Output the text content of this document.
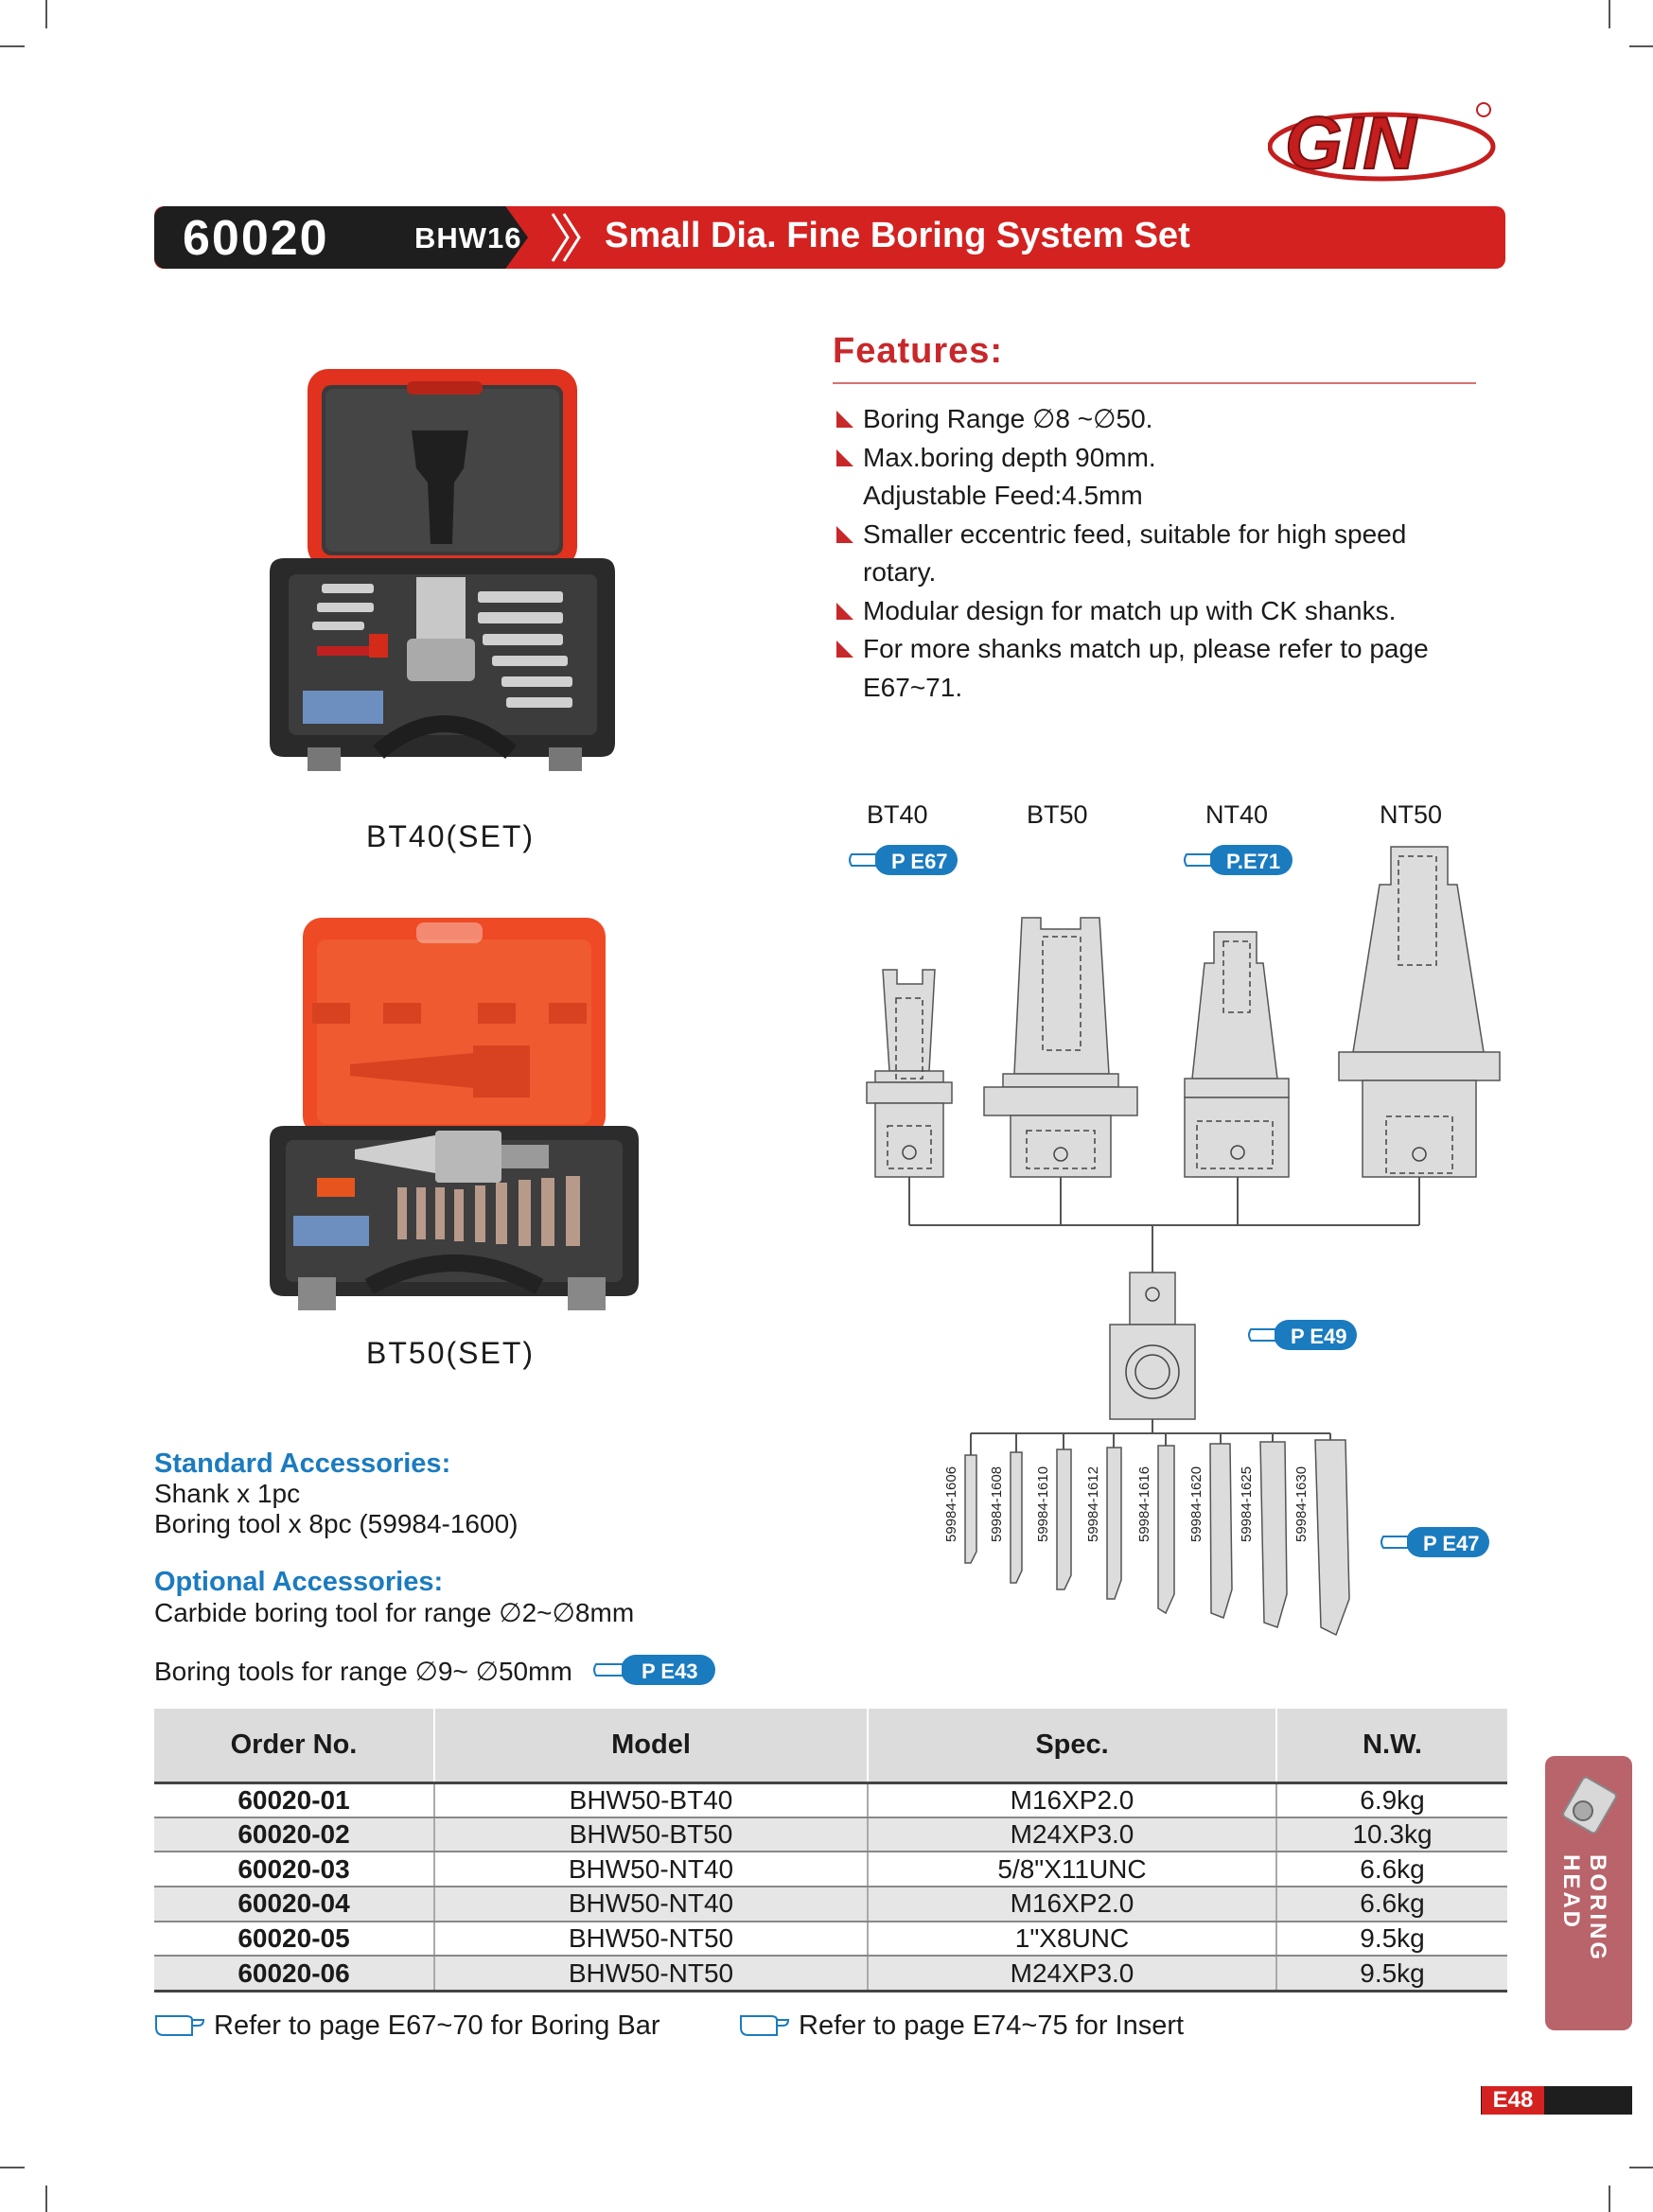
GIN
60020	BHW16 Small Dia. Fine Boring System Set
Features:
Boring Range ∅8 ~∅50.
Max.boring depth 90mm.
Adjustable Feed:4.5mm
Smaller eccentric feed, suitable for high speed
rotary.
Modular design for match up with CK shanks.
For more shanks match up, please refer to page
E67~71.
BT40(SET)
BT50(SET)
BT40	BT50	NT40	NT50
59984-1606 59984-1608 59984-1610 59984-1612 59984-1616	59984-1620 59984-1625	59984-1630
P E67	P.E71
P E49
P E47
Standard Accessories:
Shank x 1pc
Boring tool x 8pc (59984-1600)
Optional Accessories:
Carbide boring tool for range ∅2~∅8mm
Boring tools for range ∅9~ ∅50mm	P E43
Order No.	Model	Spec.	N.W.
60020-01	BHW50-BT40	M16XP2.0	6.9kg
60020-02	BHW50-BT50	M24XP3.0	10.3kg
60020-03	BHW50-NT40	5/8"X11UNC	6.6kg
60020-04	BHW50-NT40	M16XP2.0	6.6kg
60020-05	BHW50-NT50	1"X8UNC	9.5kg
60020-06	BHW50-NT50	M24XP3.0	9.5kg
Refer to page E67~70 for Boring Bar	Refer to page E74~75 for Insert
BORING HEAD
E48
